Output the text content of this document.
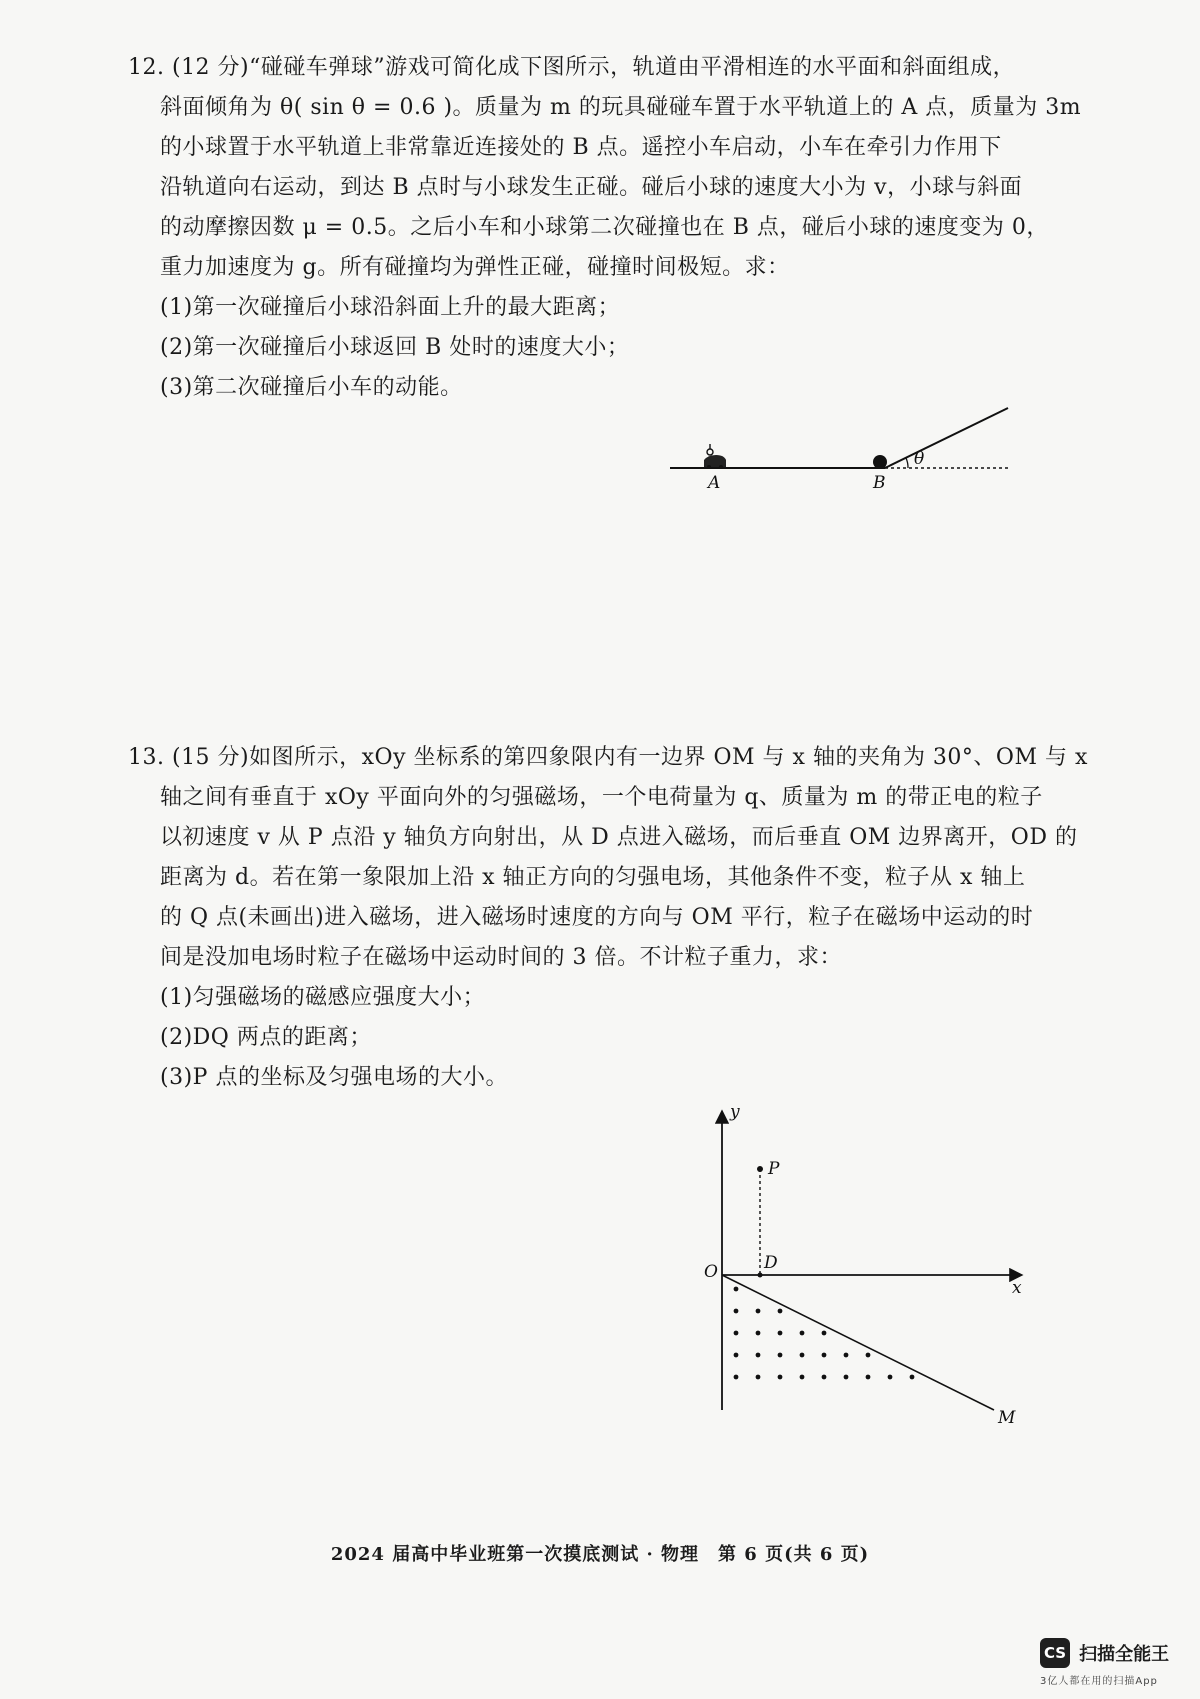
12. (12 分)“碰碰车弹球”游戏可简化成下图所示，轨道由平滑相连的水平面和斜面组成，
斜面倾角为 θ( sin θ = 0.6 )。质量为 m 的玩具碰碰车置于水平轨道上的 A 点，质量为 3m
的小球置于水平轨道上非常靠近连接处的 B 点。遥控小车启动，小车在牵引力作用下
沿轨道向右运动，到达 B 点时与小球发生正碰。碰后小球的速度大小为 v，小球与斜面
的动摩擦因数 μ = 0.5。之后小车和小球第二次碰撞也在 B 点，碰后小球的速度变为 0，
重力加速度为 g。所有碰撞均为弹性正碰，碰撞时间极短。求：
(1)第一次碰撞后小球沿斜面上升的最大距离；
(2)第一次碰撞后小球返回 B 处时的速度大小；
(3)第二次碰撞后小车的动能。
A	B
θ
13. (15 分)如图所示，xOy 坐标系的第四象限内有一边界 OM 与 x 轴的夹角为 30°、OM 与 x
轴之间有垂直于 xOy 平面向外的匀强磁场，一个电荷量为 q、质量为 m 的带正电的粒子
以初速度 v 从 P 点沿 y 轴负方向射出，从 D 点进入磁场，而后垂直 OM 边界离开，OD 的
距离为 d。若在第一象限加上沿 x 轴正方向的匀强电场，其他条件不变，粒子从 x 轴上
的 Q 点(未画出)进入磁场，进入磁场时速度的方向与 OM 平行，粒子在磁场中运动的时
间是没加电场时粒子在磁场中运动时间的 3 倍。不计粒子重力，求：
(1)匀强磁场的磁感应强度大小；
(2)DQ 两点的距离；
(3)P 点的坐标及匀强电场的大小。
y
x
O
P
D
M
2024 届高中毕业班第一次摸底测试 · 物理　第 6 页(共 6 页)
CS 扫描全能王
3亿人都在用的扫描App
